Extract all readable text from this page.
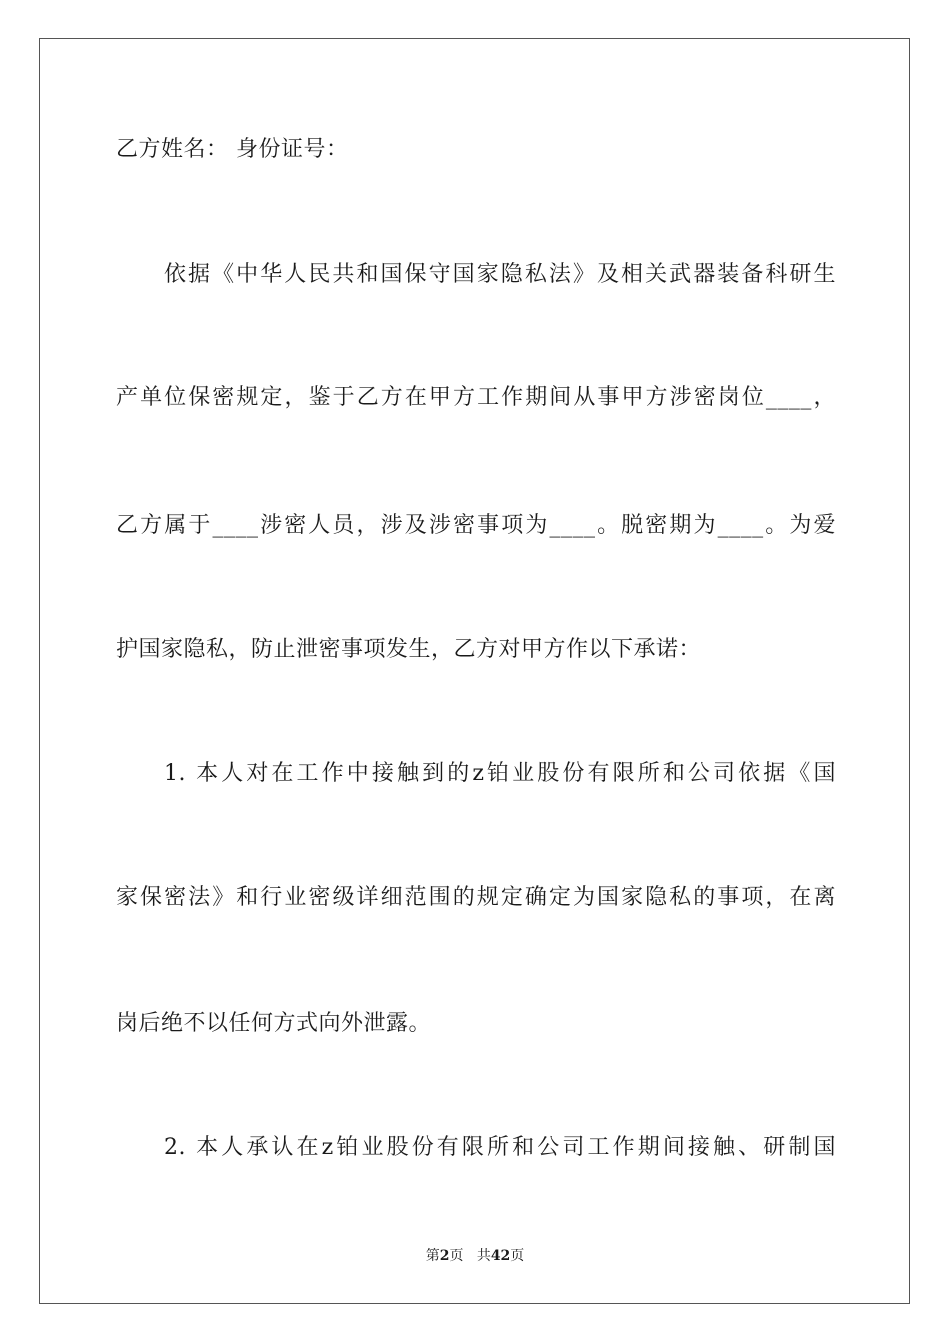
乙方姓名： 身份证号：
依据《中华人民共和国保守国家隐私法》及相关武器装备科研生
产单位保密规定，鉴于乙方在甲方工作期间从事甲方涉密岗位____，
乙方属于____涉密人员，涉及涉密事项为____。脱密期为____。为爱
护国家隐私，防止泄密事项发生，乙方对甲方作以下承诺：
1. 本人对在工作中接触到的z铂业股份有限所和公司依据《国
家保密法》和行业密级详细范围的规定确定为国家隐私的事项，在离
岗后绝不以任何方式向外泄露。
2. 本人承认在z铂业股份有限所和公司工作期间接触、研制国
第2页 共42页
